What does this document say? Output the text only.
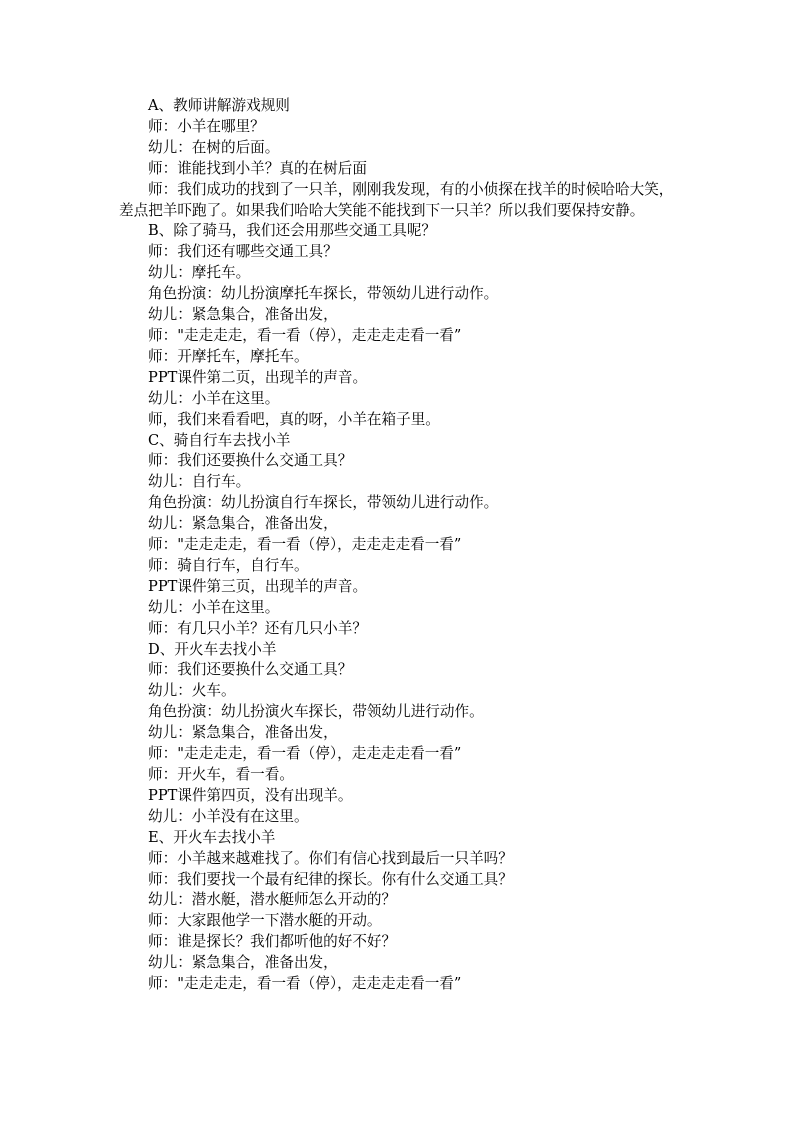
A、教师讲解游戏规则

师：小羊在哪里？

幼儿：在树的后面。

师：谁能找到小羊？真的在树后面

师：我们成功的找到了一只羊，刚刚我发现，有的小侦探在找羊的时候哈哈大笑，差点把羊吓跑了。如果我们哈哈大笑能不能找到下一只羊？所以我们要保持安静。

B、除了骑马，我们还会用那些交通工具呢？

师：我们还有哪些交通工具？

幼儿：摩托车。

角色扮演：幼儿扮演摩托车探长，带领幼儿进行动作。

幼儿：紧急集合，准备出发，

师："走走走走，看一看（停），走走走走看一看”

师：开摩托车，摩托车。

PPT课件第二页，出现羊的声音。

幼儿：小羊在这里。

师，我们来看看吧，真的呀，小羊在箱子里。

C、骑自行车去找小羊

师：我们还要换什么交通工具？

幼儿：自行车。

角色扮演：幼儿扮演自行车探长，带领幼儿进行动作。

幼儿：紧急集合，准备出发，

师："走走走走，看一看（停），走走走走看一看”

师：骑自行车，自行车。

PPT课件第三页，出现羊的声音。

幼儿：小羊在这里。

师：有几只小羊？还有几只小羊？

D、开火车去找小羊

师：我们还要换什么交通工具？

幼儿：火车。

角色扮演：幼儿扮演火车探长，带领幼儿进行动作。

幼儿：紧急集合，准备出发，

师："走走走走，看一看（停），走走走走看一看”

师：开火车，看一看。

PPT课件第四页，没有出现羊。

幼儿：小羊没有在这里。

E、开火车去找小羊

师：小羊越来越难找了。你们有信心找到最后一只羊吗？

师：我们要找一个最有纪律的探长。你有什么交通工具？

幼儿：潜水艇，潜水艇师怎么开动的？

师：大家跟他学一下潜水艇的开动。

师：谁是探长？我们都听他的好不好？

幼儿：紧急集合，准备出发，

师："走走走走，看一看（停），走走走走看一看”
